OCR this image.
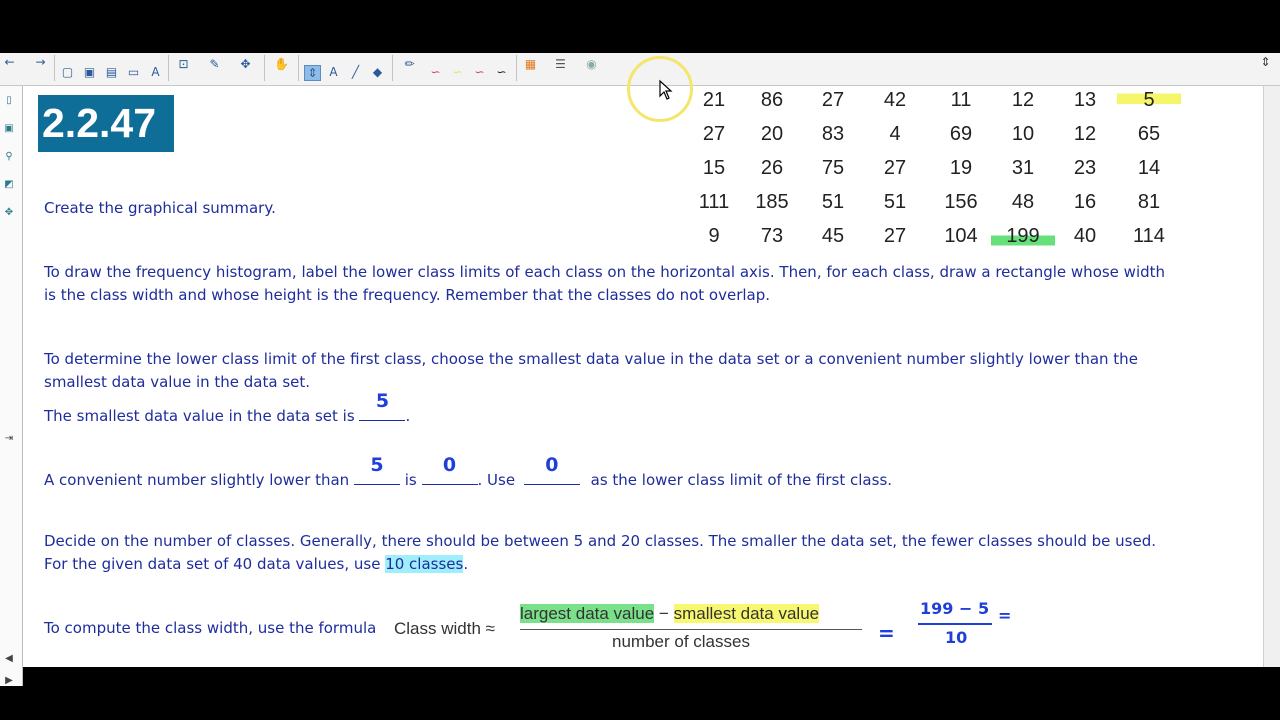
← →
▢ ▣ ▤ ▭ A
⊡ ✎ ✥ ✋
⇕ A	╱	◆
✏
∽ ∽ ∽ ∽
▦ ☰ ◉	⇕
▯
▣
⚲
◩
✥
⇥
◀
▶
2.2.47	21	86	27	42	11	12	13	5
27	20	83	4	69	10	12	65
15	26	75	27	19	31	23	14
111	185	51	51	156	48	16	81
9	73	45	27	104	199	40	114
Create the graphical summary.
To draw the frequency histogram, label the lower class limits of each class on the horizontal axis. Then, for each class, draw a rectangle whose width
is the class width and whose height is the frequency. Remember that the classes do not overlap.
To determine the lower class limit of the first class, choose the smallest data value in the data set or a convenient number slightly lower than the
smallest data value in the data set.
The smallest data value in the data set is
5
.
A convenient number slightly lower than
5
is
0
. Use
0
as the lower class limit of the first class.
Decide on the number of classes. Generally, there should be between 5 and 20 classes. The smaller the data set, the fewer classes should be used.
For the given data set of 40 data values, use 10 classes.
To compute the class width, use the formula Class width ≈
largest data value − smallest data value
number of classes	=
199 − 5
10
=
